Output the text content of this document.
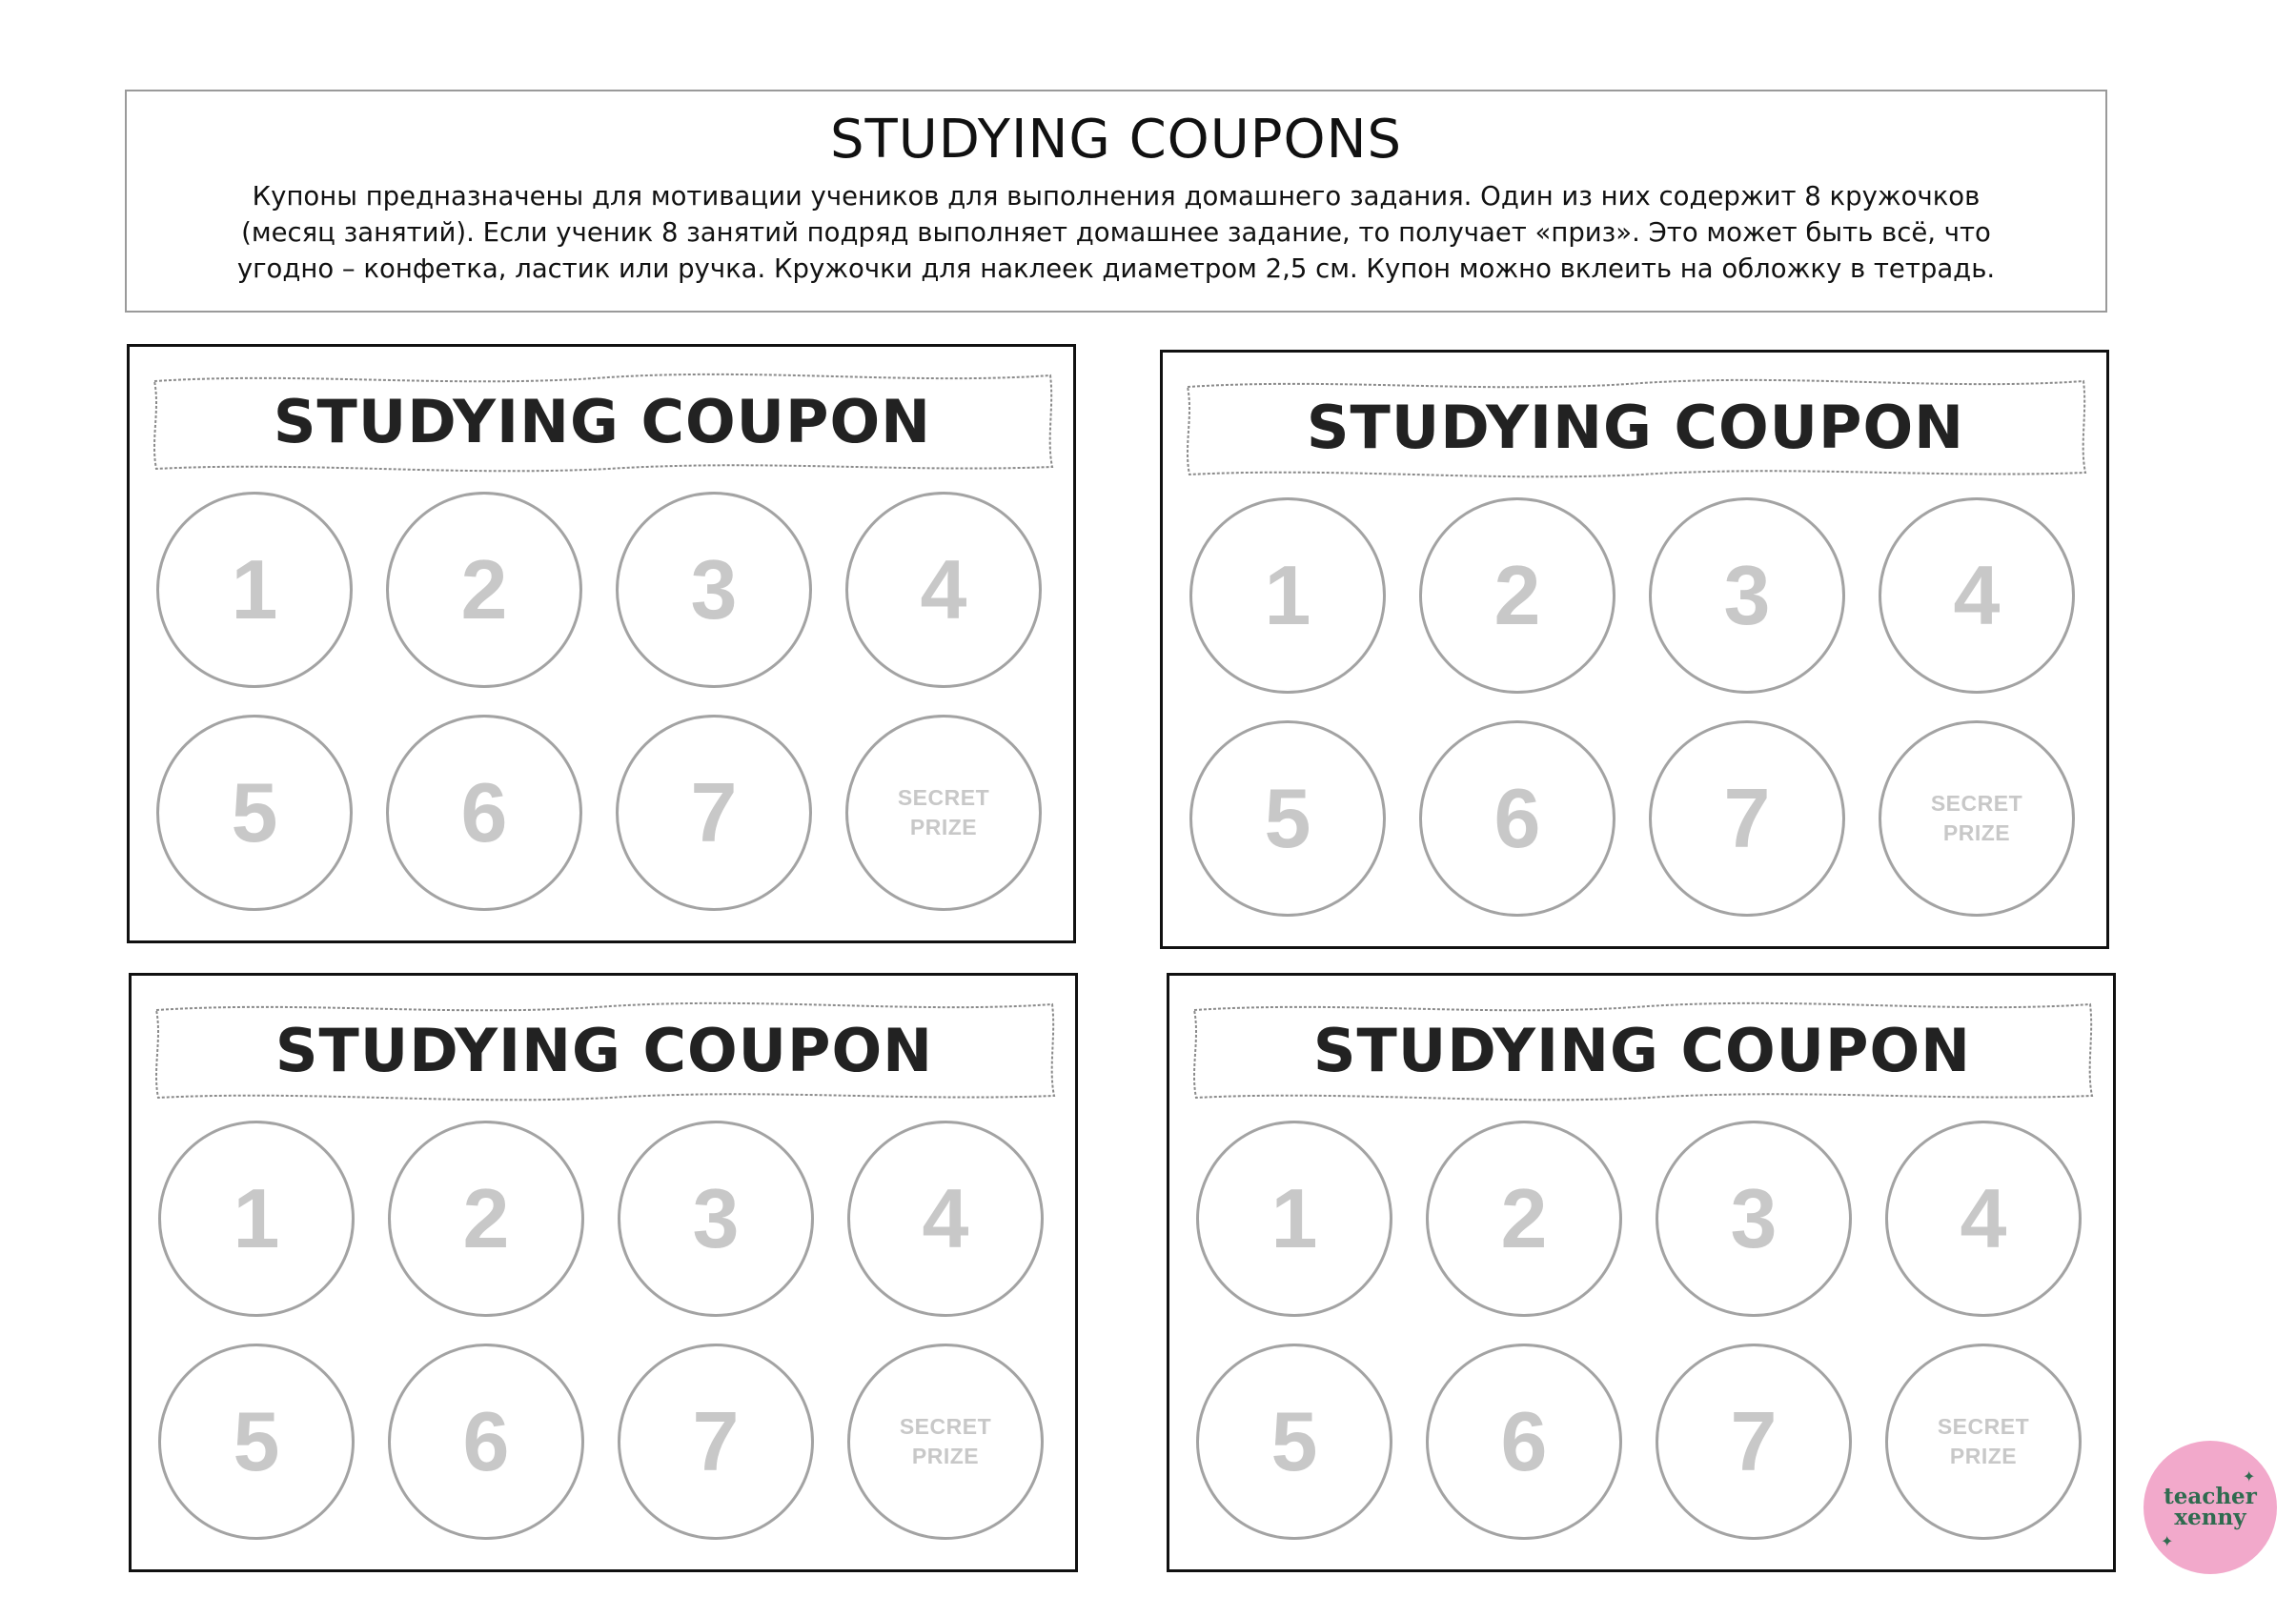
STUDYING COUPONS

Купоны предназначены для мотивации учеников для выполнения домашнего задания. Один из них содержит 8 кружочков
(месяц занятий). Если ученик 8 занятий подряд выполняет домашнее задание, то получает «приз». Это может быть всё, что
угодно – конфетка, ластик или ручка. Кружочки для наклеек диаметром 2,5 см. Купон можно вклеить на обложку в тетрадь.

STUDYING COUPON
1 2 3 4
5 6 7	SECRET
PRIZE
STUDYING COUPON
1 2 3 4
5 6 7	SECRET
PRIZE
STUDYING COUPON
1 2 3 4
5 6 7	SECRET
PRIZE
STUDYING COUPON
1 2 3 4
5 6 7	SECRET
PRIZE
teacher
xenny
✦
✦
